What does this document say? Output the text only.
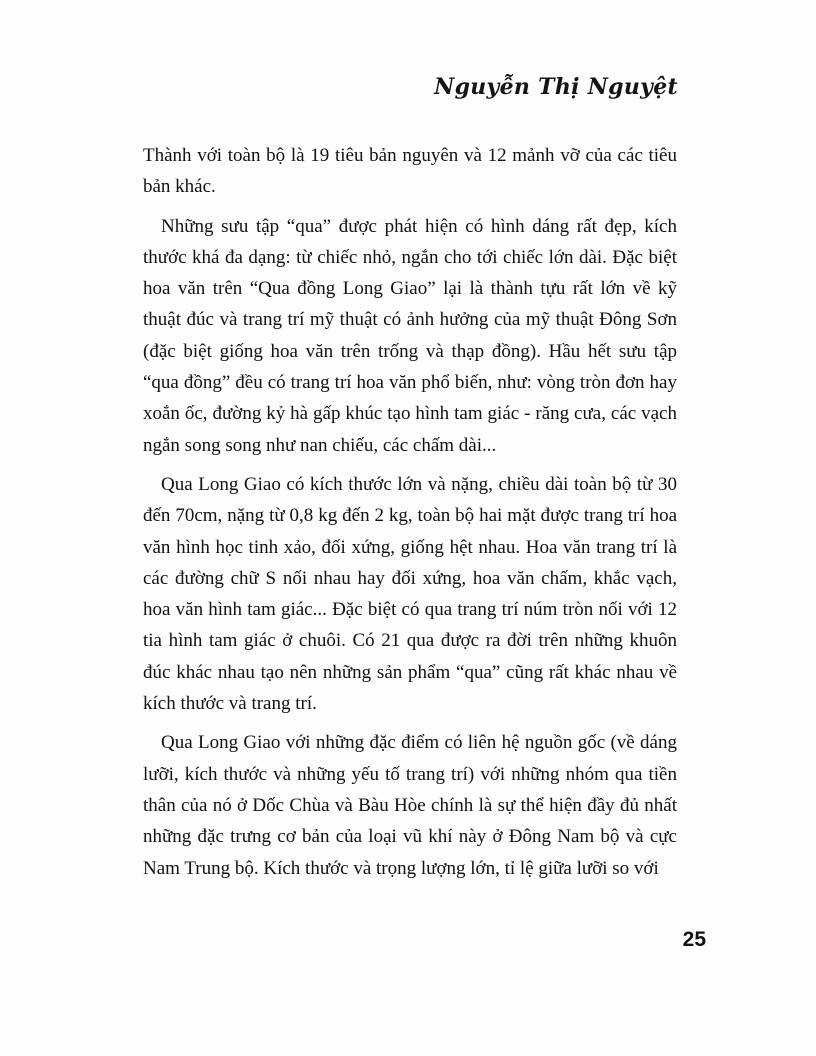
Nguyễn Thị Nguyệt

Thành với toàn bộ là 19 tiêu bản nguyên và 12 mảnh vỡ của các tiêu bản khác.

Những sưu tập “qua” được phát hiện có hình dáng rất đẹp, kích thước khá đa dạng: từ chiếc nhỏ, ngắn cho tới chiếc lớn dài. Đặc biệt hoa văn trên “Qua đồng Long Giao” lại là thành tựu rất lớn về kỹ thuật đúc và trang trí mỹ thuật có ảnh hưởng của mỹ thuật Đông Sơn (đặc biệt giống hoa văn trên trống và thạp đồng). Hầu hết sưu tập “qua đồng” đều có trang trí hoa văn phổ biến, như: vòng tròn đơn hay xoắn ốc, đường kỷ hà gấp khúc tạo hình tam giác - răng cưa, các vạch ngắn song song như nan chiếu, các chấm dài...

Qua Long Giao có kích thước lớn và nặng, chiều dài toàn bộ từ 30 đến 70cm, nặng từ 0,8 kg đến 2 kg, toàn bộ hai mặt được trang trí hoa văn hình học tinh xảo, đối xứng, giống hệt nhau. Hoa văn trang trí là các đường chữ S nối nhau hay đối xứng, hoa văn chấm, khắc vạch, hoa văn hình tam giác... Đặc biệt có qua trang trí núm tròn nối với 12 tia hình tam giác ở chuôi. Có 21 qua được ra đời trên những khuôn đúc khác nhau tạo nên những sản phẩm “qua” cũng rất khác nhau về kích thước và trang trí.

Qua Long Giao với những đặc điểm có liên hệ nguồn gốc (về dáng lưỡi, kích thước và những yếu tố trang trí) với những nhóm qua tiền thân của nó ở Dốc Chùa và Bàu Hòe chính là sự thể hiện đầy đủ nhất những đặc trưng cơ bản của loại vũ khí này ở Đông Nam bộ và cực Nam Trung bộ. Kích thước và trọng lượng lớn, tỉ lệ giữa lưỡi so với

25
